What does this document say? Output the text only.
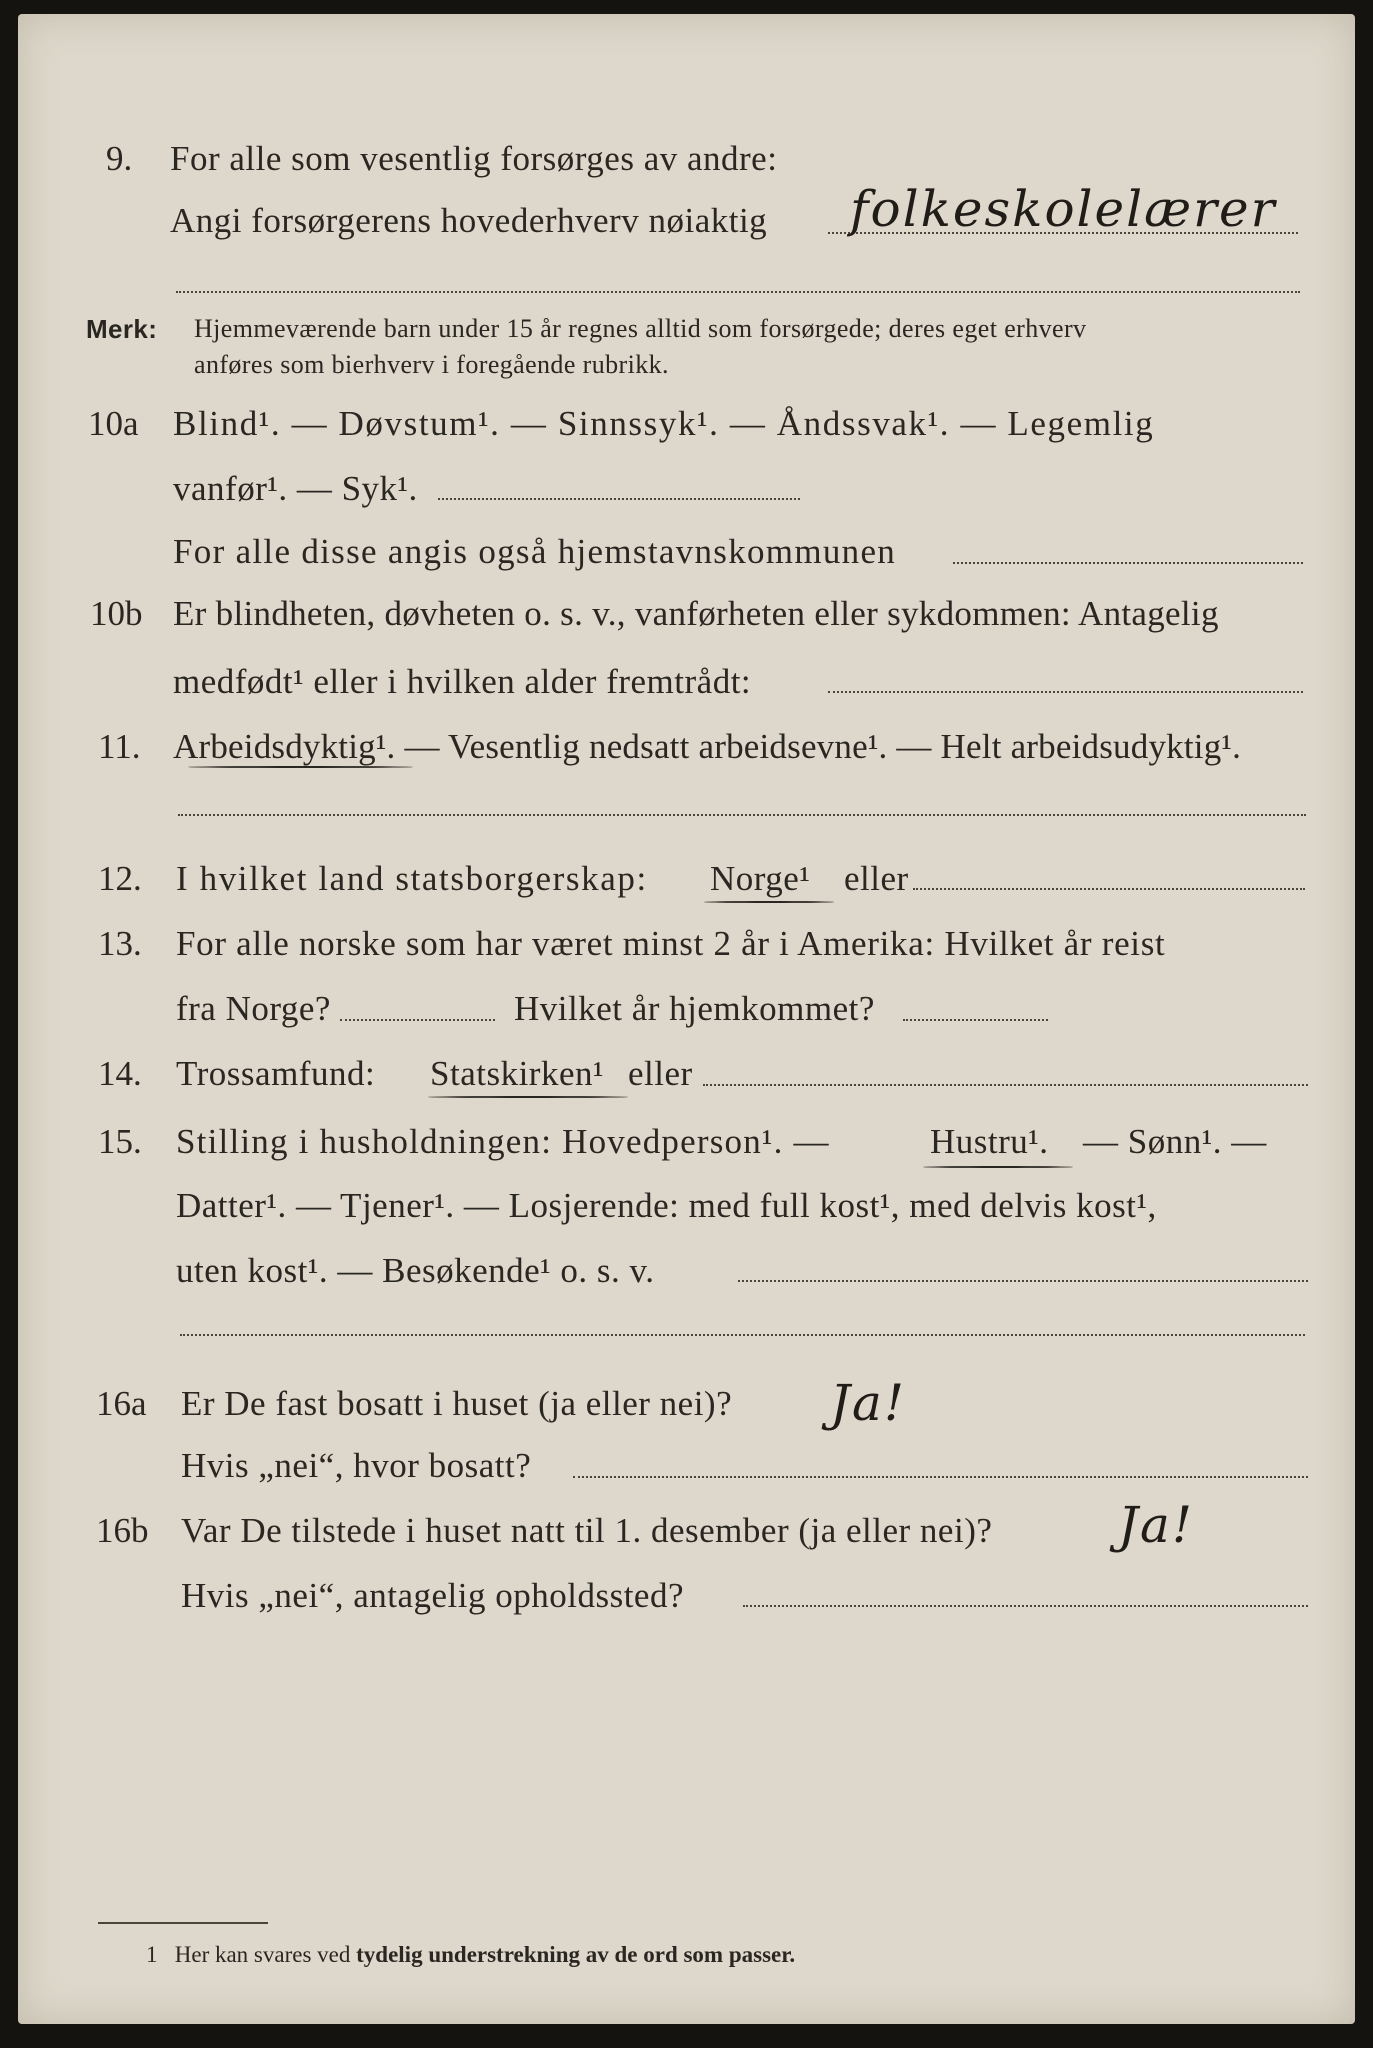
9. For alle som vesentlig forsørges av andre:
Angi forsørgerens hovederhverv nøiaktig folkeskolelærer
Merk: Hjemmeværende barn under 15 år regnes alltid som forsørgede; deres eget erhverv
anføres som bierhverv i foregående rubrikk.
10a Blind¹. — Døvstum¹. — Sinnssyk¹. — Åndssvak¹. — Legemlig
vanfør¹. — Syk¹.
For alle disse angis også hjemstavnskommunen
10b Er blindheten, døvheten o. s. v., vanførheten eller sykdommen: Antagelig
medfødt¹ eller i hvilken alder fremtrådt:
11. Arbeidsdyktig¹. — Vesentlig nedsatt arbeidsevne¹. — Helt arbeidsudyktig¹.
12. I hvilket land statsborgerskap: Norge¹ eller
13. For alle norske som har været minst 2 år i Amerika: Hvilket år reist
fra Norge?	Hvilket år hjemkommet?
14. Trossamfund: Statskirken¹ eller
15. Stilling i husholdningen: Hovedperson¹. —	Hustru¹. — Sønn¹. —
Datter¹. — Tjener¹. — Losjerende: med full kost¹, med delvis kost¹,
uten kost¹. — Besøkende¹ o. s. v.
16a Er De fast bosatt i huset (ja eller nei)? Ja!
Hvis „nei“, hvor bosatt?
16b Var De tilstede i huset natt til 1. desember (ja eller nei)?	Ja!
Hvis „nei“, antagelig opholdssted?
1 Her kan svares ved tydelig understrekning av de ord som passer.
